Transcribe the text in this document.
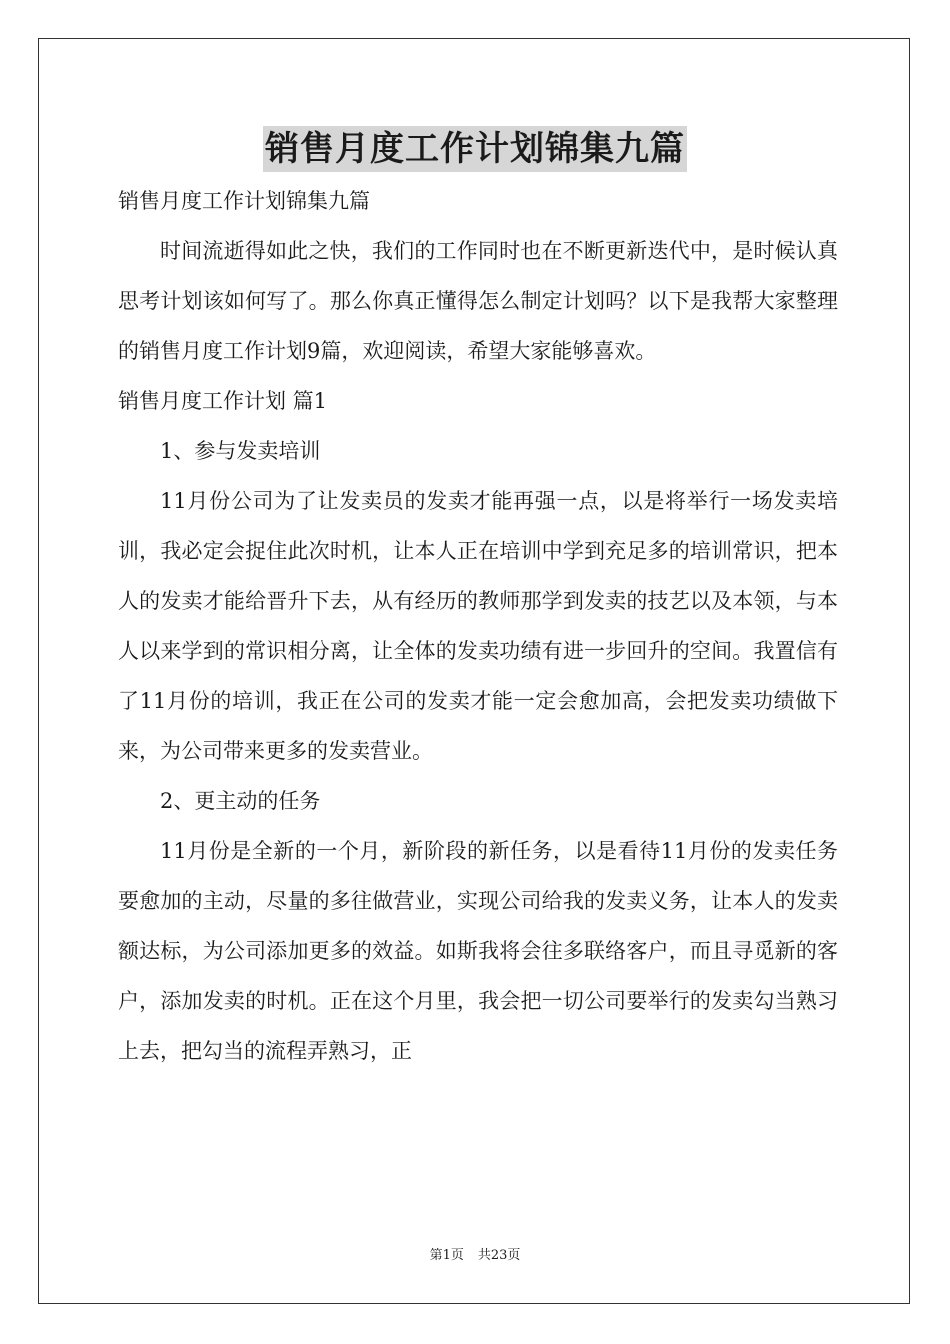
销售月度工作计划锦集九篇

销售月度工作计划锦集九篇

时间流逝得如此之快，我们的工作同时也在不断更新迭代中，是时候认真思考计划该如何写了。那么你真正懂得怎么制定计划吗？以下是我帮大家整理的销售月度工作计划9篇，欢迎阅读，希望大家能够喜欢。

销售月度工作计划 篇1

1、参与发卖培训

11月份公司为了让发卖员的发卖才能再强一点，以是将举行一场发卖培训，我必定会捉住此次时机，让本人正在培训中学到充足多的培训常识，把本人的发卖才能给晋升下去，从有经历的教师那学到发卖的技艺以及本领，与本人以来学到的常识相分离，让全体的发卖功绩有进一步回升的空间。我置信有了11月份的培训，我正在公司的发卖才能一定会愈加高，会把发卖功绩做下来，为公司带来更多的发卖营业。

2、更主动的任务

11月份是全新的一个月，新阶段的新任务，以是看待11月份的发卖任务要愈加的主动，尽量的多往做营业，实现公司给我的发卖义务，让本人的发卖额达标，为公司添加更多的效益。如斯我将会往多联络客户，而且寻觅新的客户，添加发卖的时机。正在这个月里，我会把一切公司要举行的发卖勾当熟习上去，把勾当的流程弄熟习，正

第1页 共23页
